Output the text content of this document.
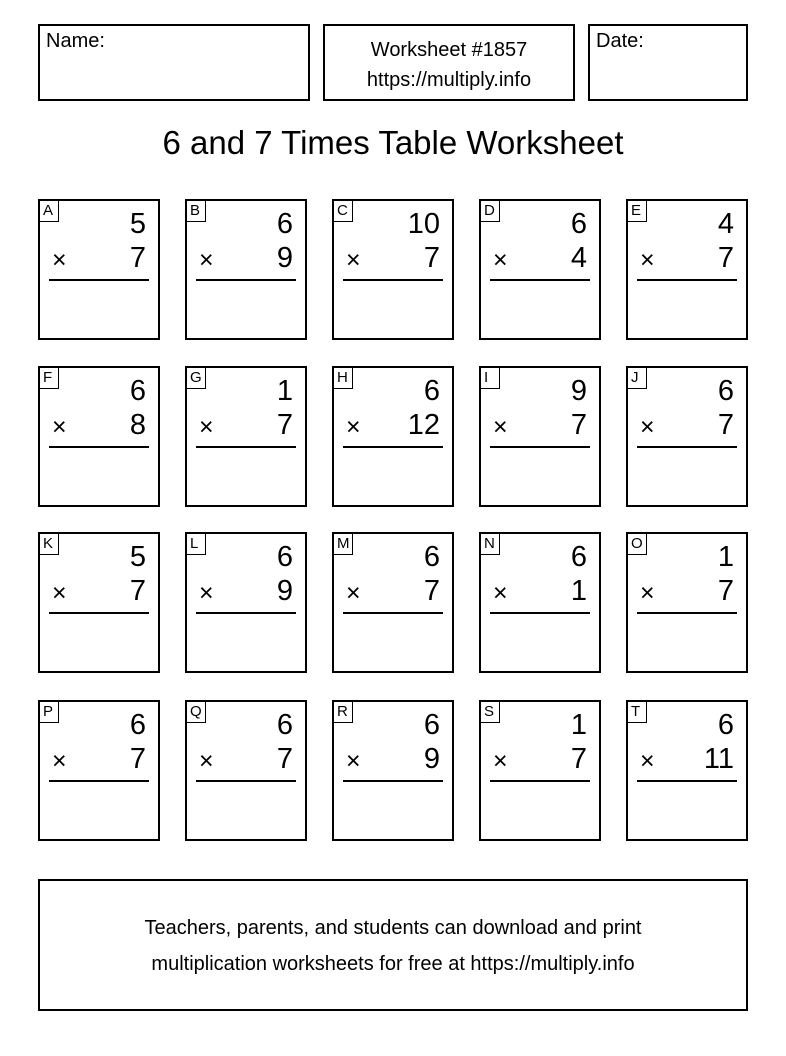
Name:	Worksheet #1857
https://multiply.info
Date:
6 and 7 Times Table Worksheet
A	5
× 7
B	6
× 9
C 10
× 7
D	6
× 4
E	4
× 7
F	6
× 8
G	1
× 7
H	6
× 12
I	9
× 7
J	6
× 7
K	5
× 7
L	6
× 9
M	6
× 7
N	6
× 1
O	1
× 7
P	6
× 7
Q	6
× 7
R	6
× 9
S	1
× 7
T	6
× 11
Teachers, parents, and students can download and print
multiplication worksheets for free at https://multiply.info
